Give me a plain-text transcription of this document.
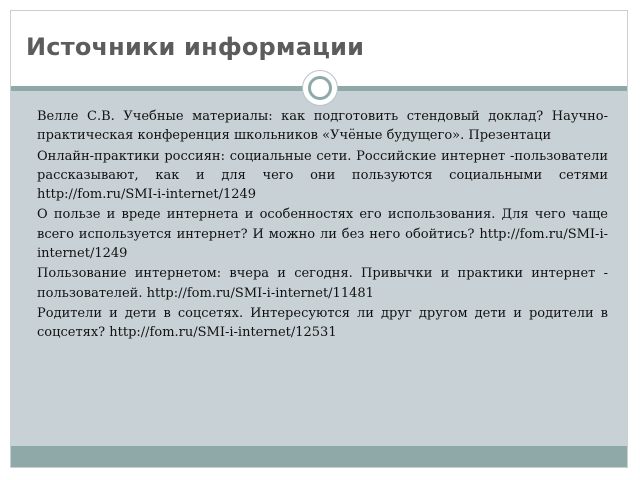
Источники информации
Велле С.В. Учебные материалы: как подготовить стендовый доклад? Научно-практическая конференция школьников «Учёные будущего». Презентаци
Онлайн-практики россиян: социальные сети. Российские интернет -пользователи рассказывают, как и для чего они пользуются социальными сетями http://fom.ru/SMI-i-internet/1249
О пользе и вреде интернета и особенностях его использования. Для чего чаще всего используется интернет? И можно ли без него обойтись? http://fom.ru/SMI-i-internet/1249
Пользование интернетом: вчера и сегодня. Привычки и практики интернет - пользователей. http://fom.ru/SMI-i-internet/11481
Родители и дети в соцсетях. Интересуются ли друг другом дети и родители в соцсетях? http://fom.ru/SMI-i-internet/12531
